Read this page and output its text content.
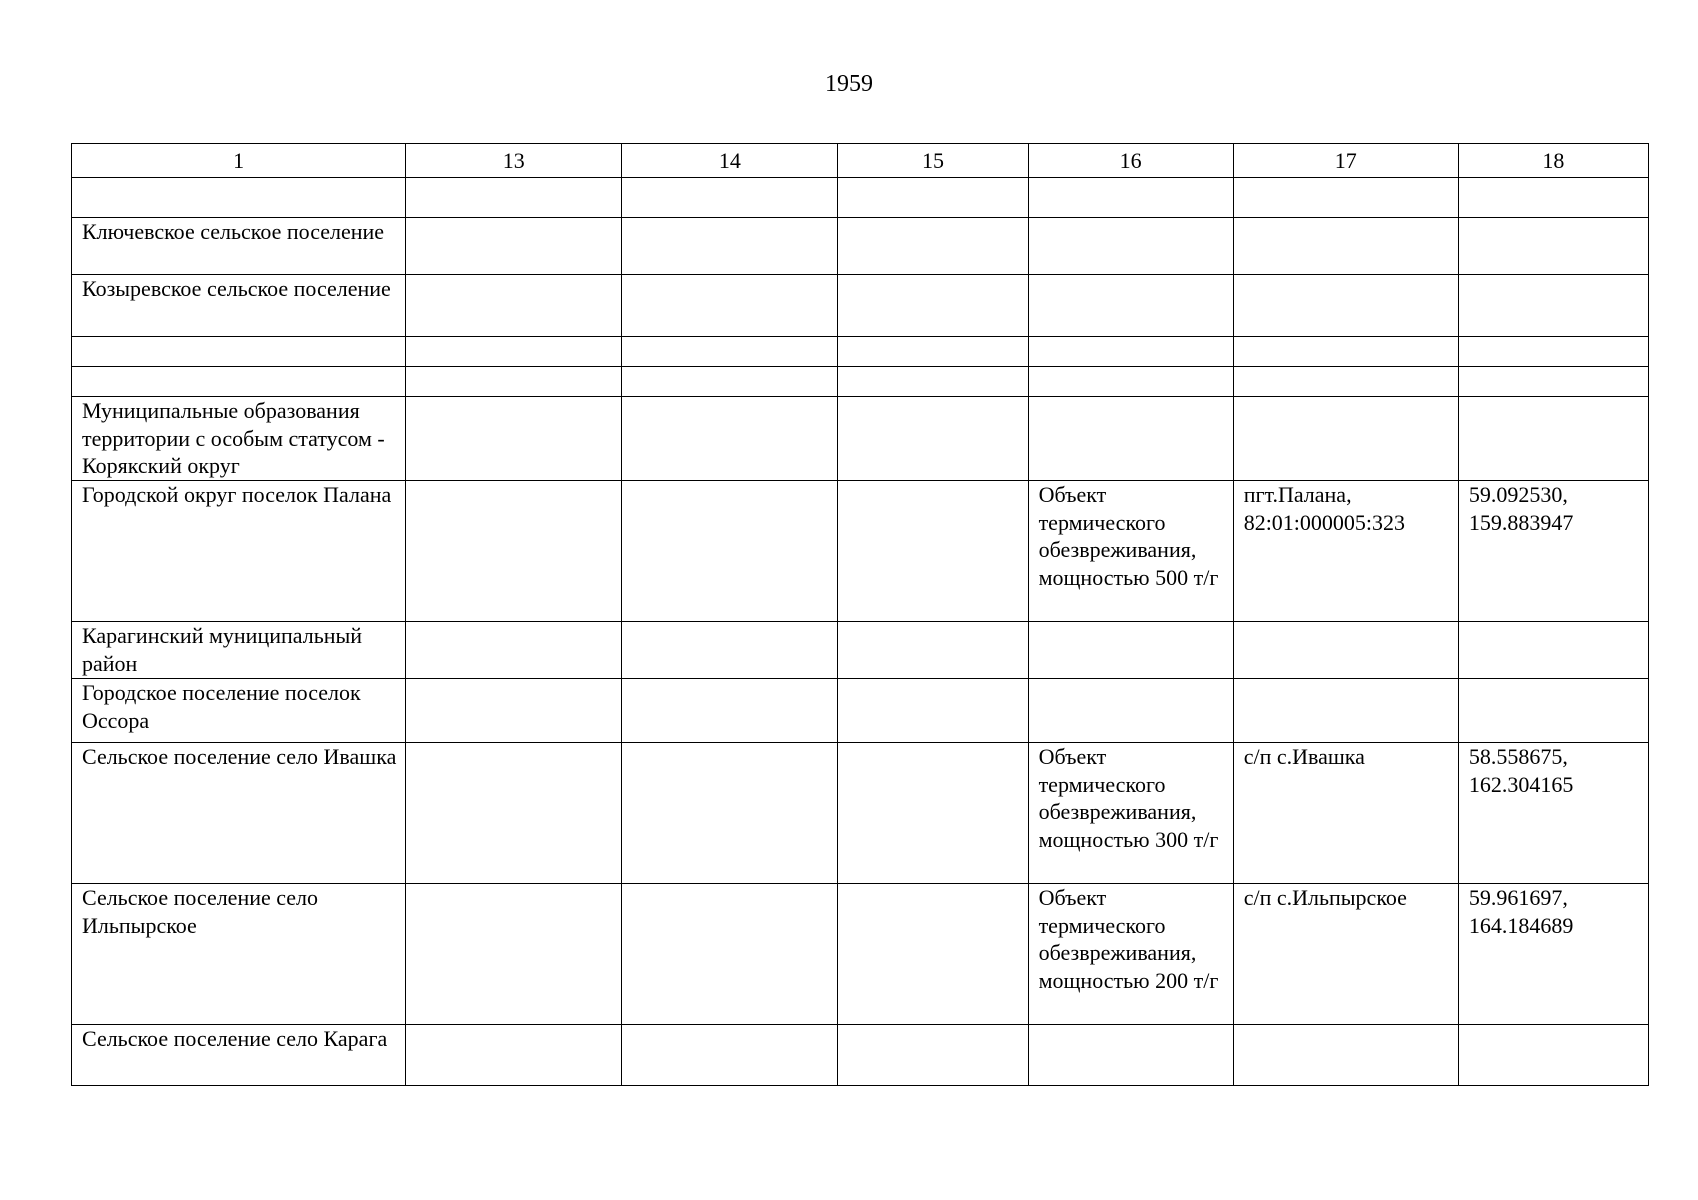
1959
1	13	14	15	16	17	18

Ключевское сельское поселение						
Козыревское сельское поселение						

Муниципальные образования территории с особым статусом - Корякский округ						
Городской округ поселок Палана				Объект термического обезвреживания, мощностью 500 т/г	пгт.Палана, 82:01:000005:323	59.092530, 159.883947
Карагинский муниципальный район						
Городское поселение поселок Оссора						
Сельское поселение село Ивашка				Объект термического обезвреживания, мощностью 300 т/г	с/п с.Ивашка	58.558675, 162.304165
Сельское поселение село Ильпырское				Объект термического обезвреживания, мощностью 200 т/г	с/п с.Ильпырское	59.961697, 164.184689
Сельское поселение село Карага						
